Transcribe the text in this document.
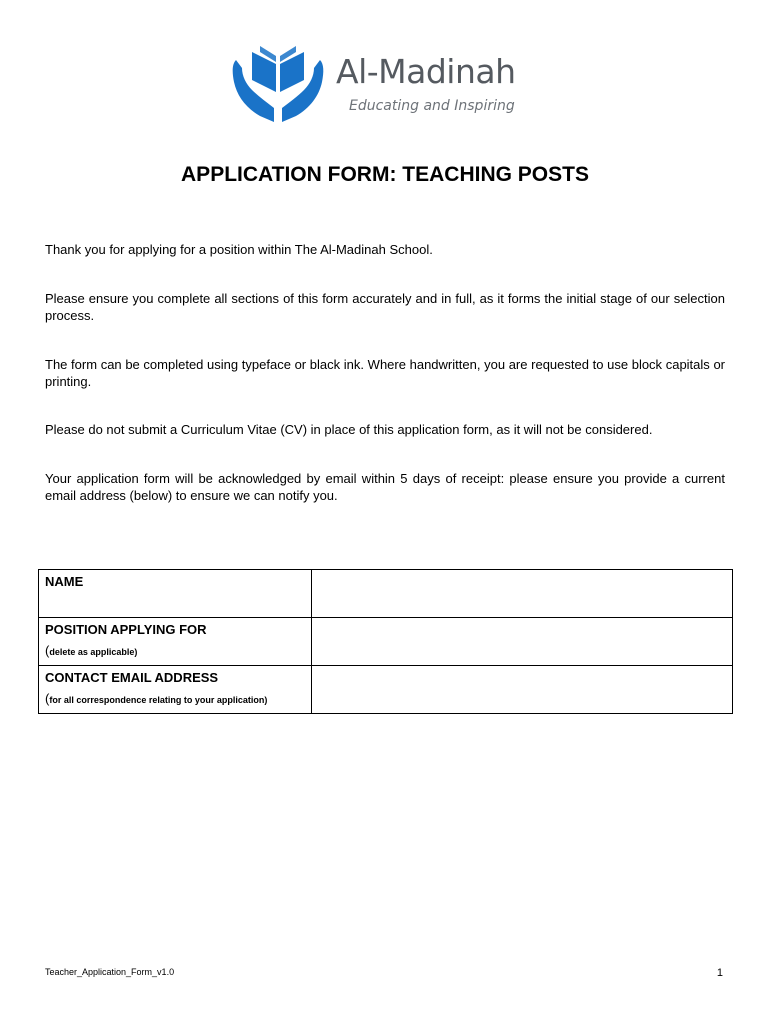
Al-Madinah
Educating and Inspiring
APPLICATION FORM: TEACHING POSTS
Thank you for applying for a position within The Al-Madinah School.
Please ensure you complete all sections of this form accurately and in full, as it forms the initial stage of our selection process.
The form can be completed using typeface or black ink. Where handwritten, you are requested to use block capitals or printing.
Please do not submit a Curriculum Vitae (CV) in place of this application form, as it will not be considered.
Your application form will be acknowledged by email within 5 days of receipt: please ensure you provide a current email address (below) to ensure we can notify you.
NAME	

POSITION APPLYING FOR
(delete as applicable)	

CONTACT EMAIL ADDRESS
(for all correspondence relating to your application)	

Teacher_Application_Form_v1.0	1
